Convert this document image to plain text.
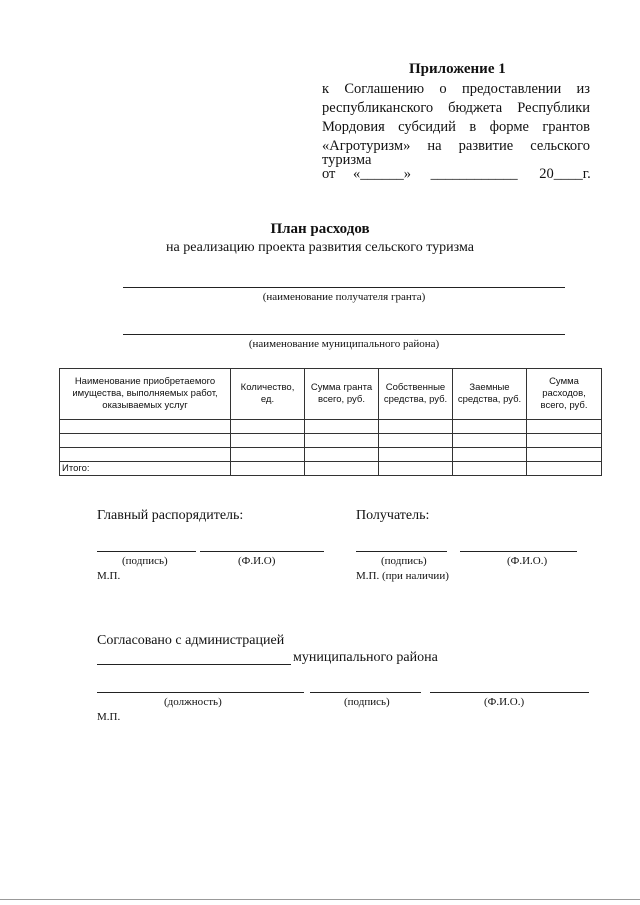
Приложение 1
к Соглашению о предоставлении из
республиканского бюджета Республики
Мордовия субсидий в форме грантов
«Агротуризм» на развитие сельского
туризма
от «______» ____________ 20____г.
План расходов
на реализацию проекта развития сельского туризма
(наименование получателя гранта)
(наименование муниципального района)
Наименование приобретаемого имущества, выполняемых работ, оказываемых услуг	Количество, ед.	Сумма гранта всего, руб.	Собственные средства, руб.	Заемные средства, руб.	Сумма расходов, всего, руб.

Итого:					
Главный распорядитель:
(подпись)	(Ф.И.О)
М.П.
Получатель:
(подпись)	(Ф.И.О.)
М.П. (при наличии)
Согласовано с администрацией
муниципального района
(должность)	(подпись)	(Ф.И.О.)
М.П.
